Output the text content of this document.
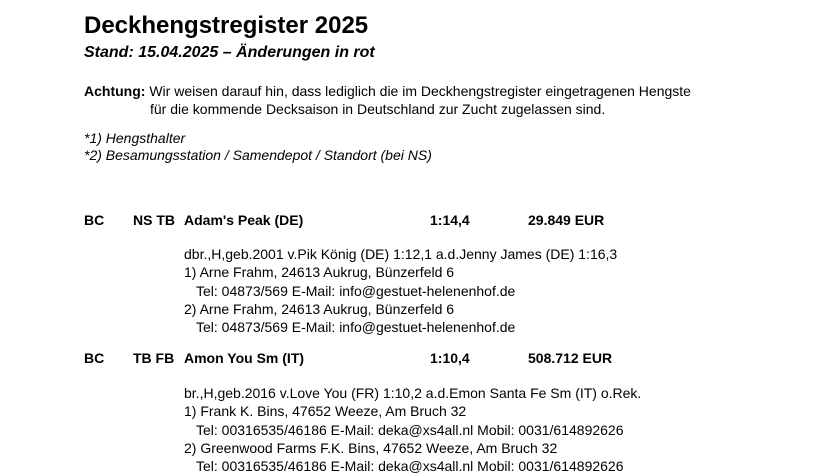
Deckhengstregister 2025
Stand: 15.04.2025 – Änderungen in rot
Achtung: Wir weisen darauf hin, dass lediglich die im Deckhengstregister eingetragenen Hengste
für die kommende Decksaison in Deutschland zur Zucht zugelassen sind.
*1) Hengsthalter
*2) Besamungsstation / Samendepot / Standort (bei NS)
BC NS TB Adam's Peak (DE)	1:14,4	29.849 EUR
dbr.,H,geb.2001 v.Pik König (DE) 1:12,1 a.d.Jenny James (DE) 1:16,3
1) Arne Frahm, 24613 Aukrug, Bünzerfeld 6
Tel: 04873/569 E-Mail: info@gestuet-helenenhof.de
2) Arne Frahm, 24613 Aukrug, Bünzerfeld 6
Tel: 04873/569 E-Mail: info@gestuet-helenenhof.de
BC TB FB Amon You Sm (IT)	1:10,4	508.712 EUR
br.,H,geb.2016 v.Love You (FR) 1:10,2 a.d.Emon Santa Fe Sm (IT) o.Rek.
1) Frank K. Bins, 47652 Weeze, Am Bruch 32
Tel: 00316535/46186 E-Mail: deka@xs4all.nl Mobil: 0031/614892626
2) Greenwood Farms F.K. Bins, 47652 Weeze, Am Bruch 32
Tel: 00316535/46186 E-Mail: deka@xs4all.nl Mobil: 0031/614892626
